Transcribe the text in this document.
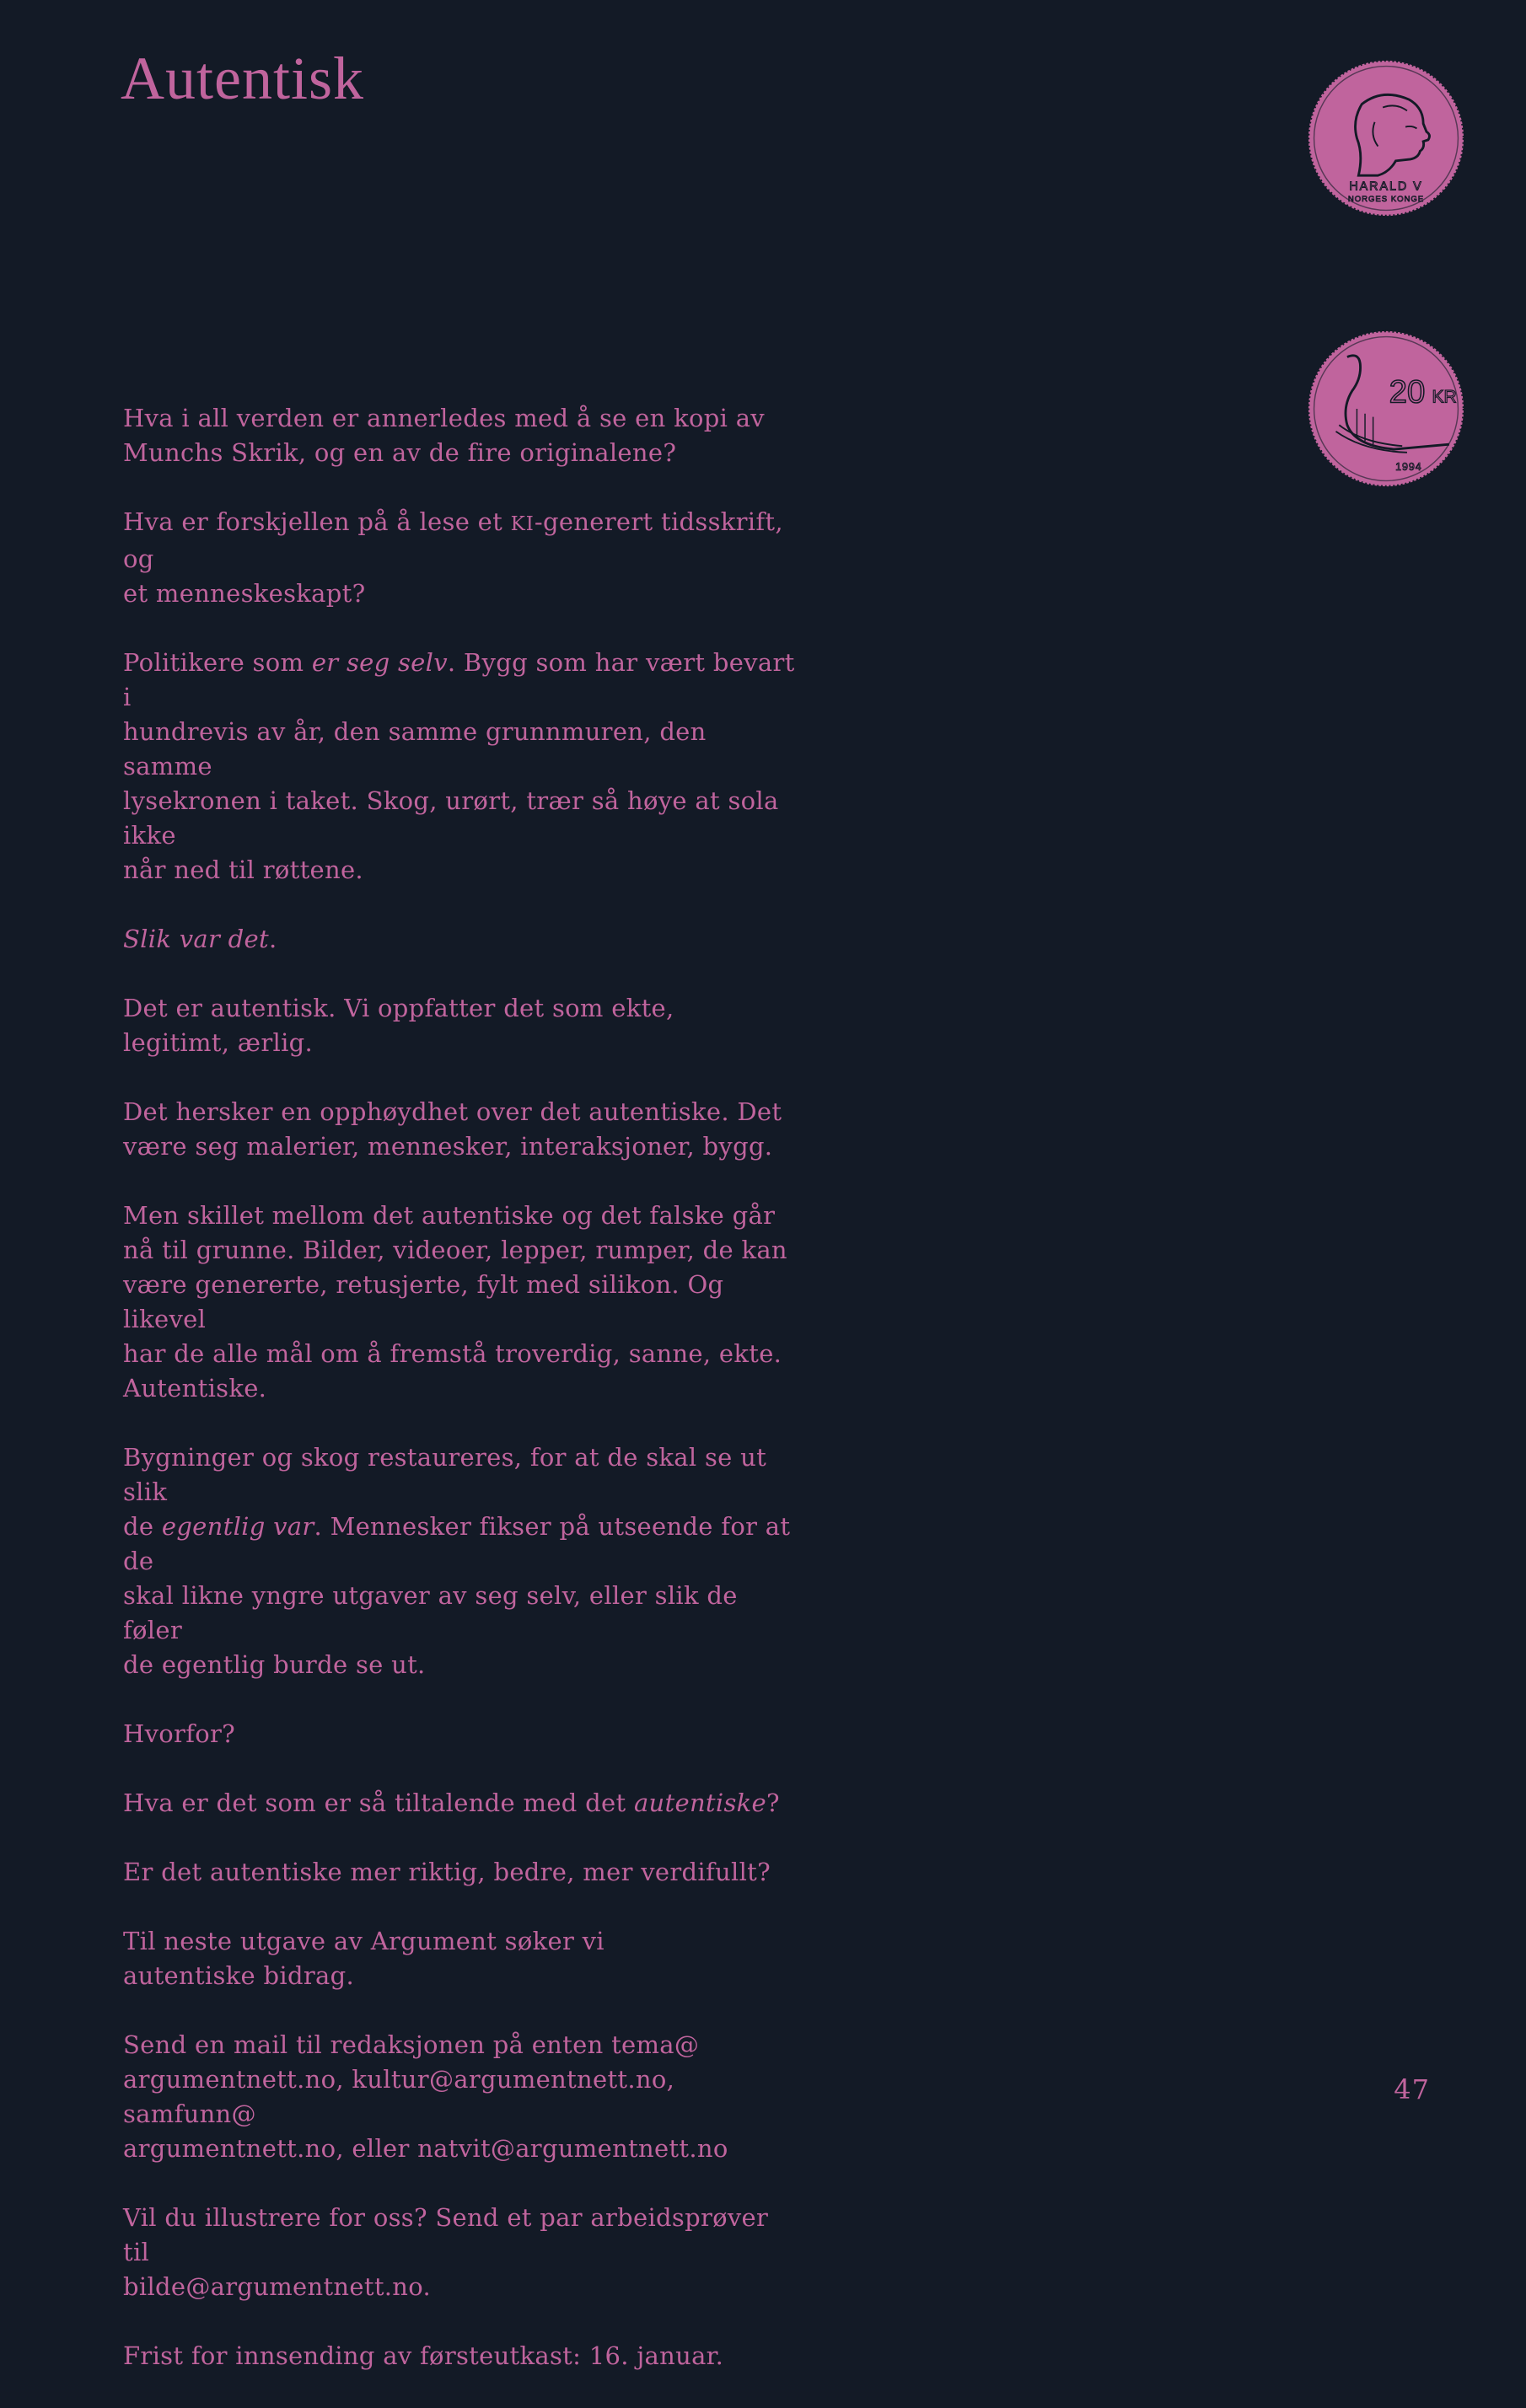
Autentisk
HARALD V
NORGES KONGE
20 KR
1994

Hva i all verden er annerledes med å se en kopi av
Munchs Skrik, og en av de fire originalene?

Hva er forskjellen på å lese et KI-generert tidsskrift, og
et menneskeskapt?

Politikere som er seg selv. Bygg som har vært bevart i
hundrevis av år, den samme grunnmuren, den samme
lysekronen i taket. Skog, urørt, trær så høye at sola ikke
når ned til røttene.

Slik var det.

Det er autentisk. Vi oppfatter det som ekte,
legitimt, ærlig.

Det hersker en opphøydhet over det autentiske. Det
være seg malerier, mennesker, interaksjoner, bygg.

Men skillet mellom det autentiske og det falske går
nå til grunne. Bilder, videoer, lepper, rumper, de kan
være genererte, retusjerte, fylt med silikon. Og likevel
har de alle mål om å fremstå troverdig, sanne, ekte.
Autentiske.

Bygninger og skog restaureres, for at de skal se ut slik
de egentlig var. Mennesker fikser på utseende for at de
skal likne yngre utgaver av seg selv, eller slik de føler
de egentlig burde se ut.

Hvorfor?

Hva er det som er så tiltalende med det autentiske?

Er det autentiske mer riktig, bedre, mer verdifullt?

Til neste utgave av Argument søker vi
autentiske bidrag.

Send en mail til redaksjonen på enten tema@
argumentnett.no, kultur@argumentnett.no, samfunn@
argumentnett.no, eller natvit@argumentnett.no

Vil du illustrere for oss? Send et par arbeidsprøver til
bilde@argumentnett.no.

Frist for innsending av førsteutkast: 16. januar.

47
